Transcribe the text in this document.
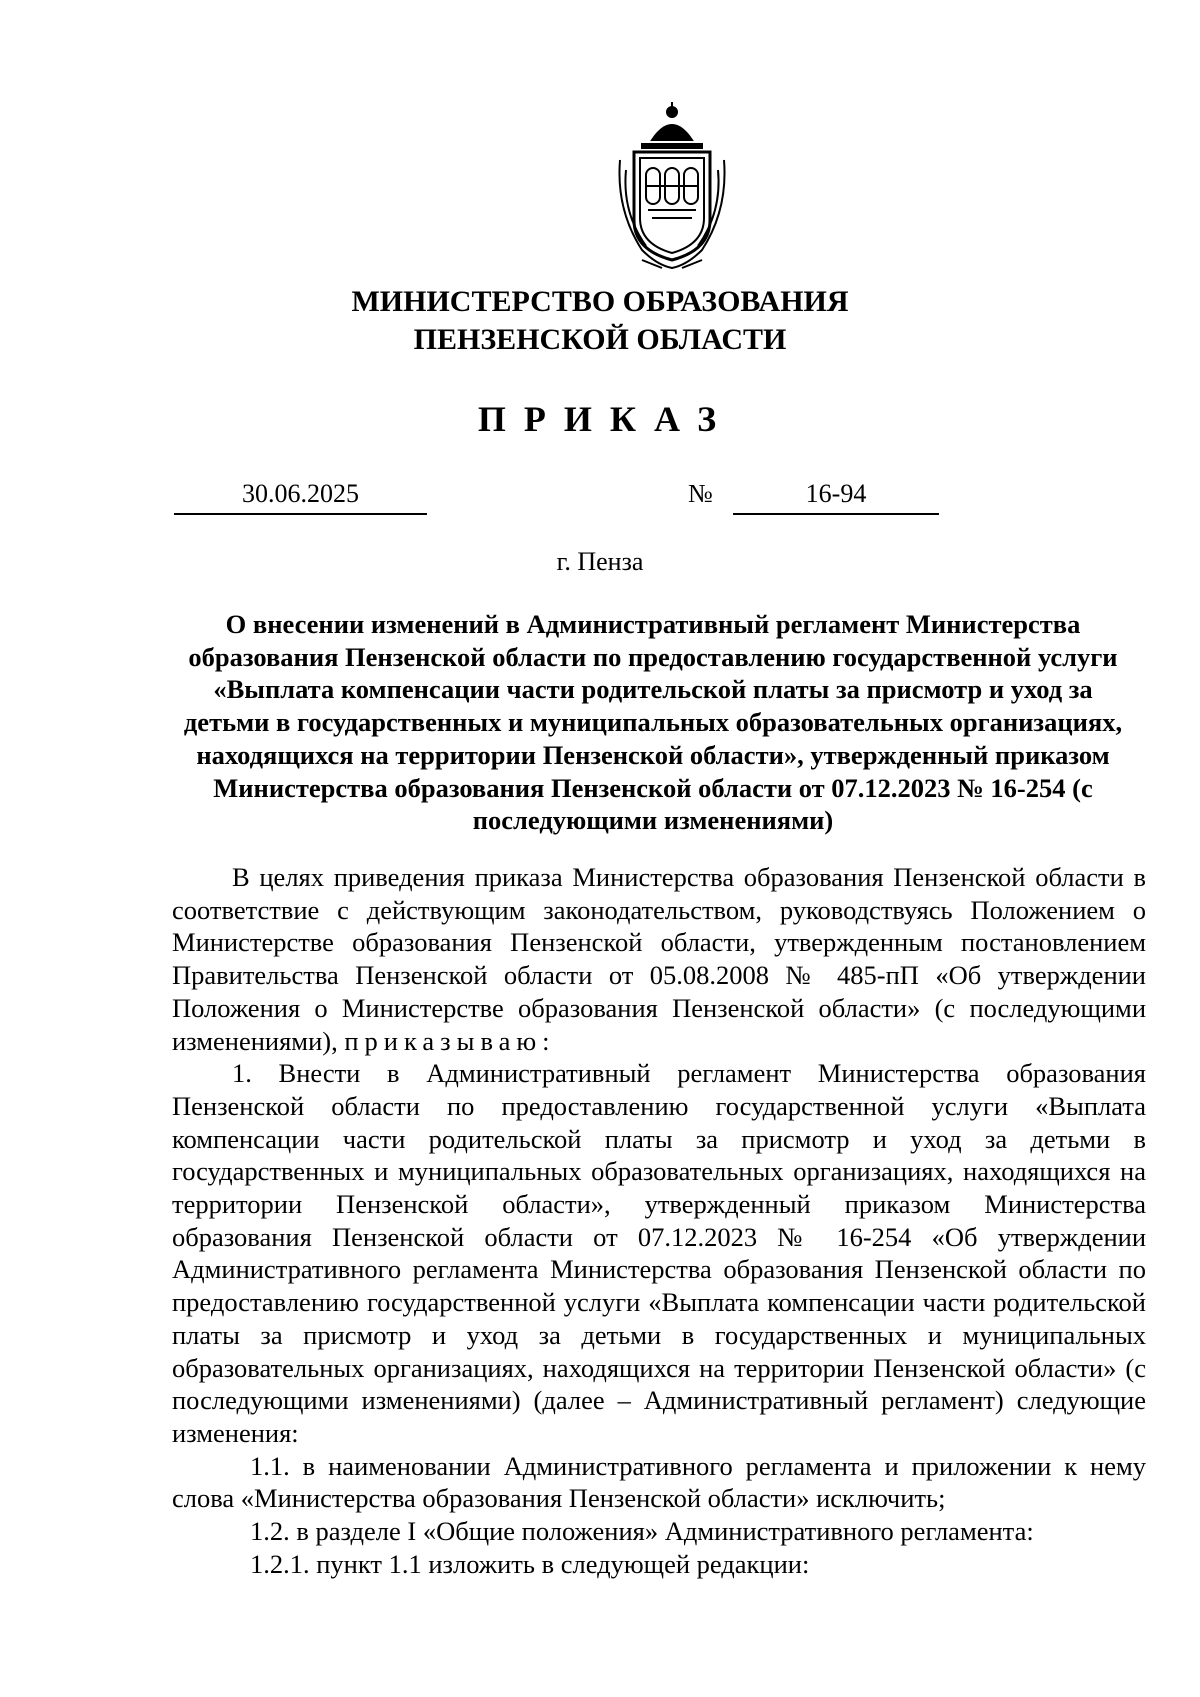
МИНИСТЕРСТВО ОБРАЗОВАНИЯ
ПЕНЗЕНСКОЙ ОБЛАСТИ
ПРИКАЗ
30.06.2025	№	16-94
г. Пенза
О внесении изменений в Административный регламент Министерства образования Пензенской области по предоставлению государственной услуги «Выплата компенсации части родительской платы за присмотр и уход за детьми в государственных и муниципальных образовательных организациях, находящихся на территории Пензенской области», утвержденный приказом Министерства образования Пензенской области от 07.12.2023 № 16-254 (с последующими изменениями)

В целях приведения приказа Министерства образования Пензенской области в соответствие с действующим законодательством, руководствуясь Положением о Министерстве образования Пензенской области, утвержденным постановлением Правительства Пензенской области от 05.08.2008 № 485-пП «Об утверждении Положения о Министерстве образования Пензенской области» (с последующими изменениями), приказываю:

1. Внести в Административный регламент Министерства образования Пензенской области по предоставлению государственной услуги «Выплата компенсации части родительской платы за присмотр и уход за детьми в государственных и муниципальных образовательных организациях, находящихся на территории Пензенской области», утвержденный приказом Министерства образования Пензенской области от 07.12.2023 № 16-254 «Об утверждении Административного регламента Министерства образования Пензенской области по предоставлению государственной услуги «Выплата компенсации части родительской платы за присмотр и уход за детьми в государственных и муниципальных образовательных организациях, находящихся на территории Пензенской области» (с последующими изменениями) (далее – Административный регламент) следующие изменения:

1.1. в наименовании Административного регламента и приложении к нему слова «Министерства образования Пензенской области» исключить;

1.2. в разделе I «Общие положения» Административного регламента:

1.2.1. пункт 1.1 изложить в следующей редакции:
